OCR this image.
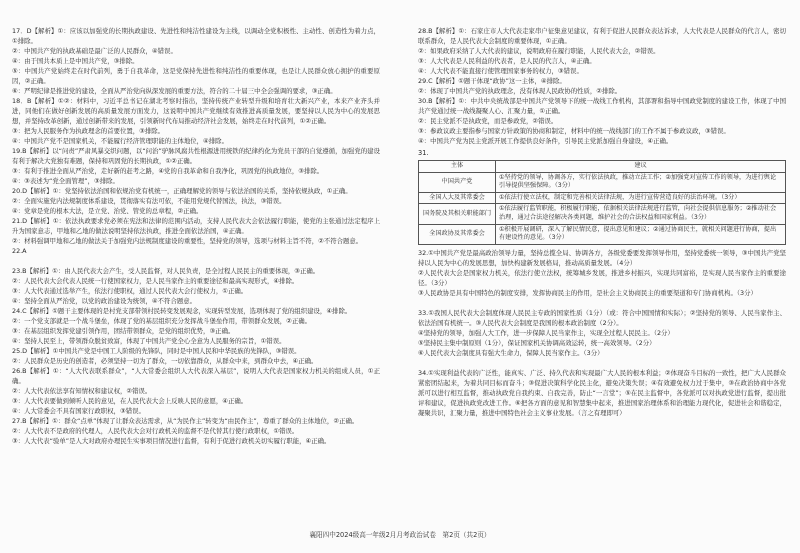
17．D【解析】①：应该以加强党的长期执政建设、先进性和纯洁性建设为主线，以调动全党积极性、主动性、创造性为着力点，①排除。

②：中国共产党的执政基础是最广泛的人民群众，④错误。

④：由于国共本质上是中国共产党，③排除。

⑤：中国共产党始终走在时代前列，勇于自我革命，这是党保持先进性和纯洁性的重要体现，也是让人民群众放心拥护的重要原因，②正确。

⑥：严明纪律是推进党的建设，全面从严治党向纵深发展的重要方法，符合的二十届三中全会强调的要求，③正确。

18．B【解析】①②：材料中，习近平总书记在湖北考察时指出，坚持传统产业转型升级和培育壮大新兴产业，本来产业齐头并进，同他们在做好创新发展的高质量发展方面发力，这说明中国共产党继续有效推进高质量发展，要坚持以人民为中心的发展思想，并坚持改革创新，通过创新带来的发展，引领新时代布局推动经济社会发展，始终走在时代前列，①②正确。

③：把为人民服务作为执政理念的首要位置，③排除。

④：中国共产党不是国家机关，不能履行经济管理职能的主体地位，④排除。

19.B【解析】以“问责”严肃风暴交织问题，以“问治”驴脉风腐共性根源进用统铁的纪律约化为党员干部的自觉遵循，加强党的建设有利于解决大党独有难题，保持和巩固党的长期执政，①②正确。

③：有利于推进全面从严治党，走好新的赶考之路，④党的自我革命和自我净化，巩固党的执政地位，③排除。

④：③表述为“党全面管理”，③排除。

20.D【解析】①：党坚持依法治国和依规治党有机统一，正确理解党的领导与依法治国的关系，坚持依规执政，①正确。

②：全面实施党内法规制度体系建设，贯彻落实有法可依，不能用党规代替国法，执法，③错误。

④：党章是党的根本大法，是立党、治党、管党的总章程，②正确。

21.D【解析】①：依法执政要求党必须在宪法和法律的范围内活动，支持人民代表大会依法履行职能，使党的主张通过法定程序上升为国家意志，甲地和乙地的做法说明坚持依法执政，推进全面依法治国，④正确。

②：材料强调甲地和乙地的做法关于加强党内法规制度建设的重要性，坚持党的领导，选项与材料主旨不符，②不符合题意。

22.A

23.B【解析】①：由人民代表大会产生，受人民监督，对人民负责，是全过程人民民主的重要体现，③正确。

②：人民代表大会代表人民统一行使国家权力，是人民当家作主的重要途径和最高实现形式，④排除。

③：人大代表通过选举产生，依法行使职权，通过人民代表大会行使权力，①正确。

④：坚持全面从严治党，以党的政治建设为统领，④不符合题意。

24.C【解析】①题干主要体现的是村党支部带领村民转变发展观念，实现转型发展，选项体现了党的组织建设，④排除。

②：一个党支部就是一个战斗堡垒，体现了党的基层组织充分发挥战斗堡垒作用，带领群众发展，②正确。

③：在基层组织发挥党建引领作用，团结带领群众，是党的组织优势，③正确。

④：坚持人民至上，带领群众脱贫致富，体现了中国共产党全心全意为人民服务的宗旨，①错误。

25.D【解析】①中国共产党是中国工人阶级的先锋队，同时是中国人民和中华民族的先锋队，③错误。

②：人民群众是历史的创造者，必须坚持一切为了群众，一切依靠群众，从群众中来，到群众中去，④正确。

26.B【解析】①：“人大代表联系群众”，“人大常委会组织人大代表深入基层”，说明人大代表是国家权力机关的组成人员，①正确。

②：人大代表依法享有知情权和建议权，②错误。

③：人大代表要做到倾听人民的意见，在人民代表大会上反映人民的意愿，④正确。

④：人大常委会不具有国家行政职权，③错误。

27.B【解析】①：群众“点单”体现了让群众表达需求，从“为民作主”转变为“由民作主”，尊重了群众的主体地位，②正确。

②：人大代表不是政府的代理人，人民代表大会对行政机关的监督不是代替其行使行政职权，①错误。

③：人大代表“验单”是人大对政府办理民生实事项目情况进行监督，有利于促进行政机关切实履行职能，④正确。

28.B【解析】①：石家庄市人大代表走家串户征集意见建议，有利于促进人民群众表达诉求，人大代表是人民群众的代言人，密切联系群众，是人民代表大会制度的重要体现，①正确。

②：如果政府采纳了人大代表的建议，说明政府在履行职能，人民代表大会，②错误。

③：人大代表是人民利益的代表者，是人民的代言人，④正确。

④：人大代表不能直接行使管理国家事务的权力，③错误。

29.C【解析】①题干体现“政协”这一主体，④排除。

②：体现了中国共产党的执政理念，没有体现人民政协的性质，②排除。

30.B【解析】①：中共中央统战部是中国共产党领导下的统一战线工作机构，其部署和指导中国政党制度的建设工作，体现了中国共产党通过统一战线凝聚人心、汇聚力量，①正确。

②：民主党派不是执政党，而是参政党，②错误。

③：参政议政主要指参与国家方针政策的协商和制定，材料中的统一战线部门的工作不属于参政议政，③错误。

④：中国共产党为民主党派开展工作提供良好条件，引导民主党派加强自身建设，④正确。

31.
主体	建议
中国共产党	①坚持党的领导，协调各方，实行依法执政，推动立法工作；②加强党对宣传工作的领导，为进行舆论引导提供坚强保障。（3分）
全国人大及其常委会	①依法行使立法权，制定和完善相关法律法规，为进行宣传营造良好的法治环境。（3分）
国务院及其相关职能部门	①依法履行监管职能，积极履行职能，依据相关法律法规进行监管，向社会提供信息服务；②推动社会治理，通过合法途径解决各类问题，维护社会的合法权益和国家利益。（3分）
全国政协及其常委会	①积极开展调研，深入了解民情民意，提出意见和建议；②通过协商民主，就相关问题进行协商，提出有建设性的意见。（3分）

32.①中国共产党是最高政治领导力量，坚持总揽全局、协调各方，各级党委要发挥领导作用，坚持党委统一领导，③中国共产党坚持以人民为中心的发展思想，加快构建新发展格局，推动高质量发展。（4分）

②人民代表大会是国家权力机关，依法行使立法权，统筹城乡发展，推进乡村振兴，实现共同富裕，是实现人民当家作主的重要途径。（3分）

③人民政协是具有中国特色的制度安排，发挥协商民主的作用，是社会主义协商民主的重要渠道和专门协商机构。（3分）

33.①我国人民代表大会制度体现人民民主专政的国家性质（1分）（或：符合中国国情和实际）；②坚持党的领导、人民当家作主、依法治国有机统一。③人民代表大会制度是我国的根本政治制度（2分）。

④坚持党的领导，加强人大工作，进一步保障人民当家作主，实现全过程人民民主。（2分）

⑤坚持民主集中制原则（1分），保证国家机关协调高效运转，统一高效领导。（2分）

⑥人民代表大会制度具有强大生命力，保障人民当家作主。（3分）

34.①实现利益代表的广泛性，能真实、广泛、持久代表和实现最广大人民的根本利益；②体现奋斗目标的一致性，把广大人民群众紧密团结起来，为着共同目标而奋斗；③促进决策科学化民主化，避免决策失误；④有效避免权力过于集中，③在政治协商中各党派可以进行相互监督，推动执政党自我约束、自我完善，防止“一言堂”；⑤在民主监督中，各党派可以对执政党进行监督，提出批评和建议，促进执政党改进工作。⑥把各方面的意见和智慧集中起来，推进国家治理体系和治理能力现代化，促进社会和谐稳定，凝聚共识，汇聚力量，推进中国特色社会主义事业发展。（言之有理即可）

襄阳四中2024级高一年级2月月考政治试卷　第2页（共2页）
